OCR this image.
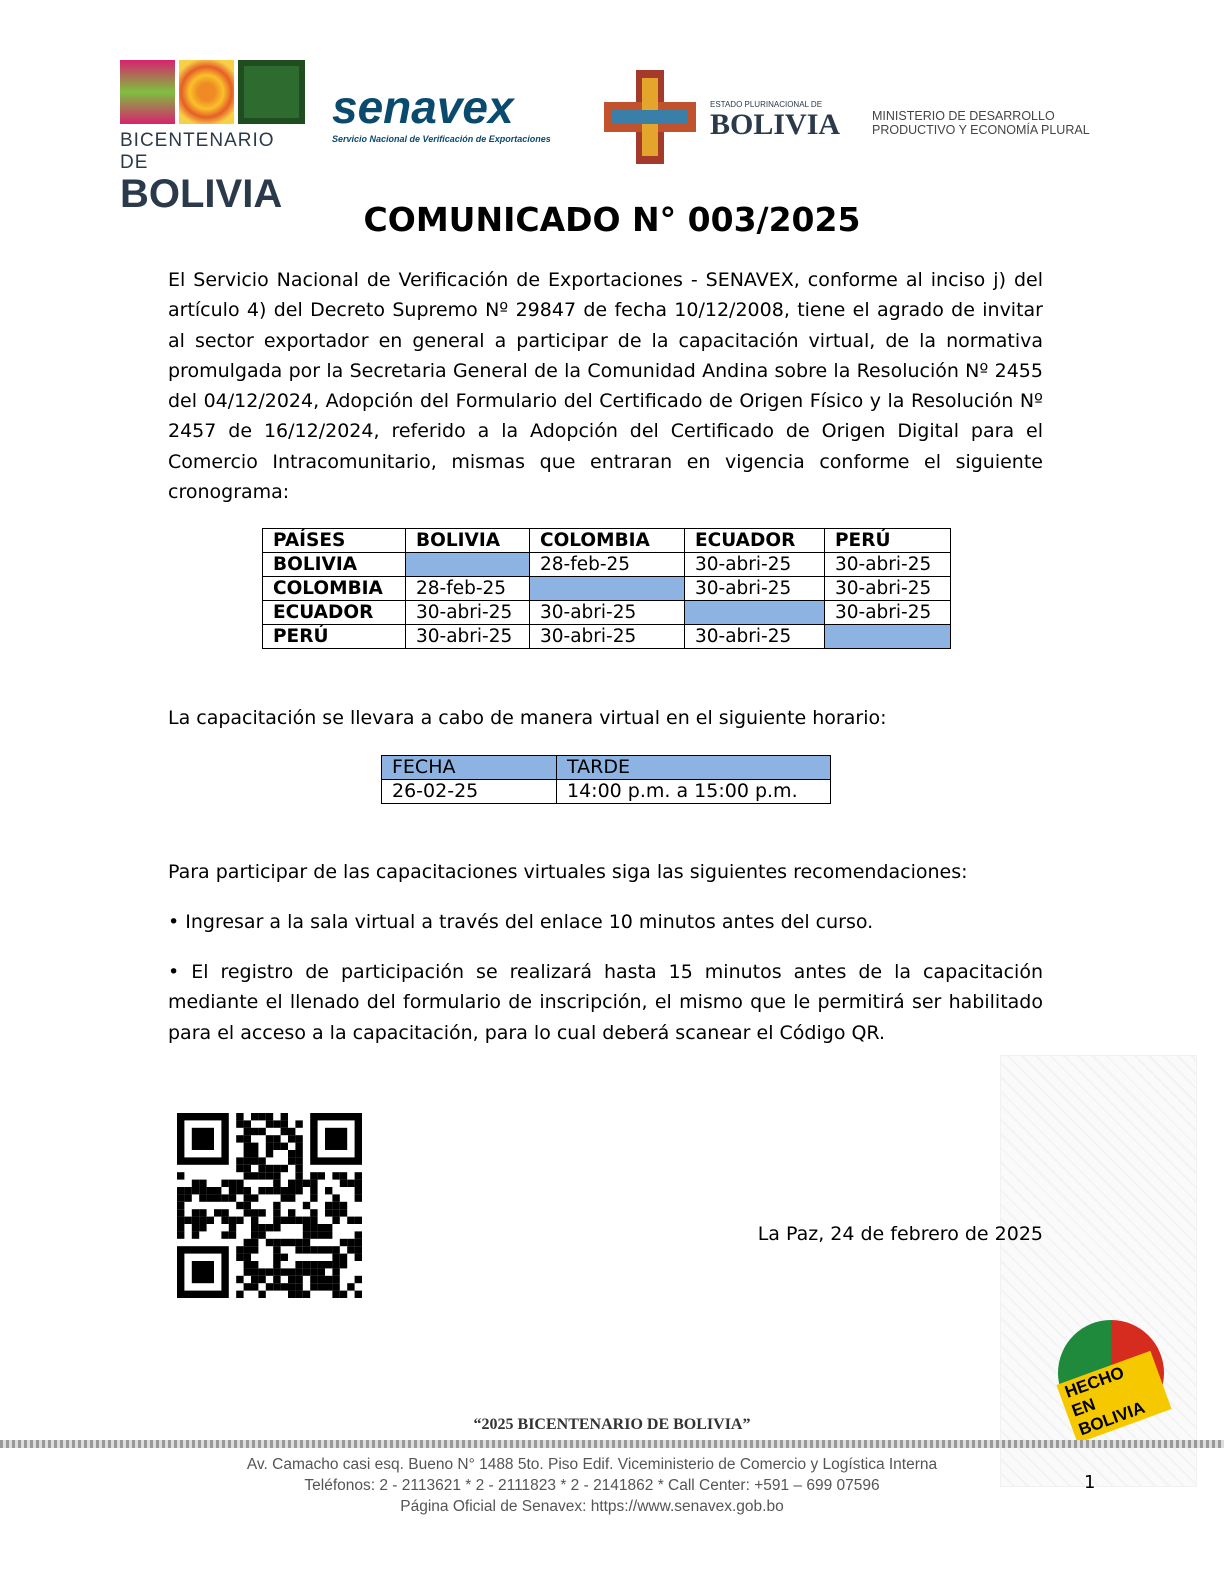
BICENTENARIO DE
BOLIVIA
senavex
Servicio Nacional de Verificación de Exportaciones
ESTADO PLURINACIONAL DE
BOLIVIA	MINISTERIO DE DESARROLLO
PRODUCTIVO Y ECONOMÍA PLURAL
COMUNICADO N° 003/2025
El Servicio Nacional de Verificación de Exportaciones - SENAVEX, conforme al inciso j) del artículo 4) del Decreto Supremo Nº 29847 de fecha 10/12/2008, tiene el agrado de invitar al sector exportador en general a participar de la capacitación virtual, de la normativa promulgada por la Secretaria General de la Comunidad Andina sobre la Resolución Nº 2455 del 04/12/2024, Adopción del Formulario del Certificado de Origen Físico y la Resolución Nº 2457 de 16/12/2024, referido a la Adopción del Certificado de Origen Digital para el Comercio Intracomunitario, mismas que entraran en vigencia conforme el siguiente cronograma:
PAÍSES	BOLIVIA	COLOMBIA	ECUADOR	PERÚ
BOLIVIA		28-feb-25	30-abri-25	30-abri-25
COLOMBIA	28-feb-25		30-abri-25	30-abri-25
ECUADOR	30-abri-25	30-abri-25		30-abri-25
PERÚ	30-abri-25	30-abri-25	30-abri-25	
La capacitación se llevara a cabo de manera virtual en el siguiente horario:
FECHA	TARDE
26-02-25	14:00 p.m. a 15:00 p.m.
Para participar de las capacitaciones virtuales siga las siguientes recomendaciones:
• Ingresar a la sala virtual a través del enlace 10 minutos antes del curso.
• El registro de participación se realizará hasta 15 minutos antes de la capacitación mediante el llenado del formulario de inscripción, el mismo que le permitirá ser habilitado para el acceso a la capacitación, para lo cual deberá scanear el Código QR.
La Paz, 24 de febrero de 2025
HECHO EN BOLIVIA
“2025 BICENTENARIO DE BOLIVIA”
Av. Camacho casi esq. Bueno N° 1488 5to. Piso Edif. Viceministerio de Comercio y Logística Interna
Teléfonos: 2 - 2113621 * 2 - 2111823 * 2 - 2141862 * Call Center: +591 – 699 07596
Página Oficial de Senavex: https://www.senavex.gob.bo
1
